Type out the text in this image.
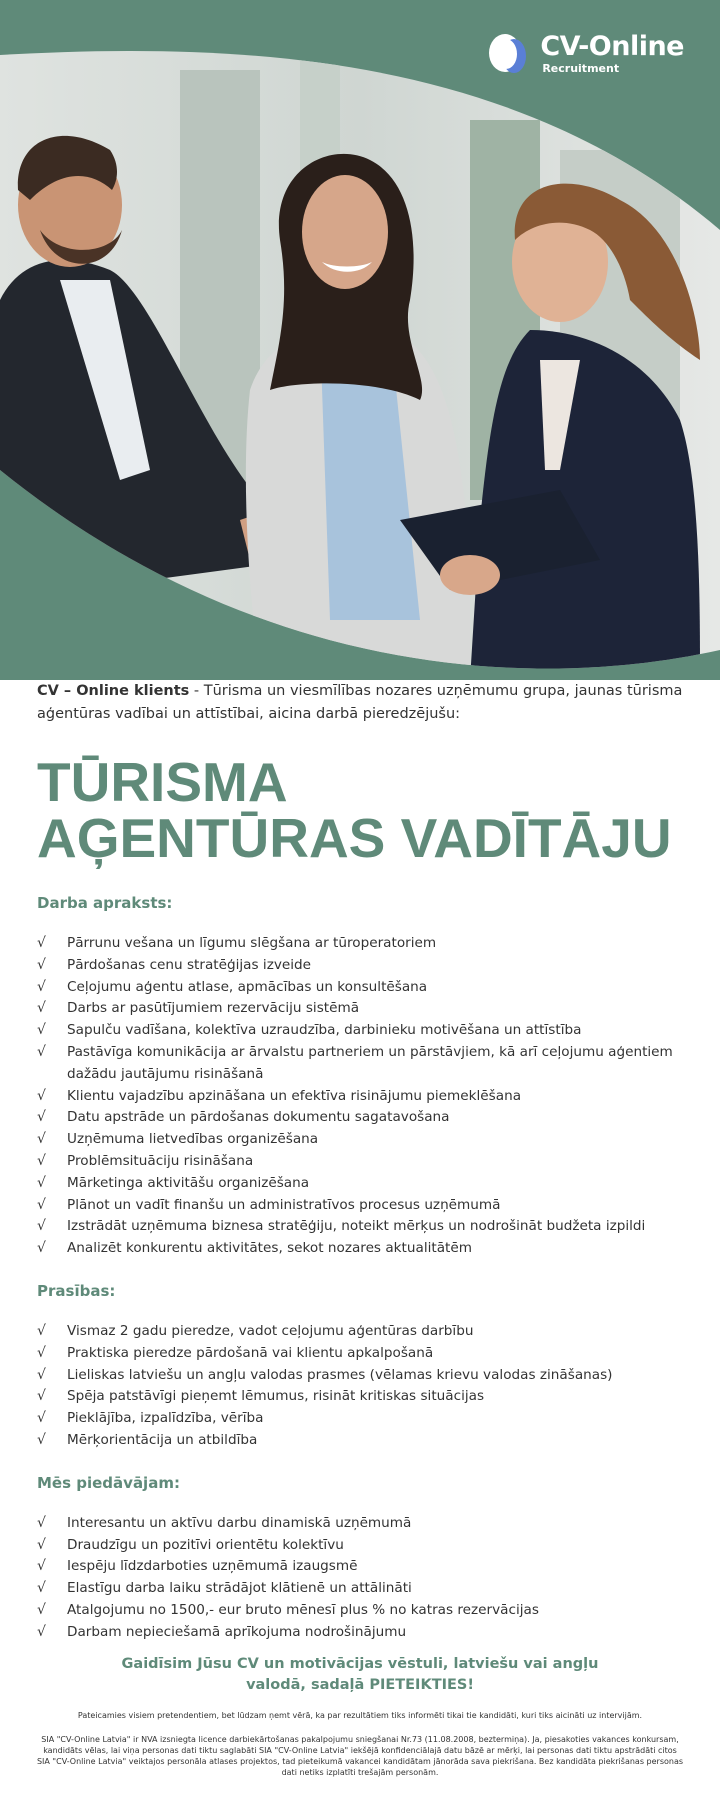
CV-Online
Recruitment

CV – Online klients - Tūrisma un viesmīlības nozares uzņēmumu grupa, jaunas tūrisma aģentūras vadībai un attīstībai, aicina darbā pieredzējušu:

TŪRISMA
AĢENTŪRAS VADĪTĀJU
Darba apraksts:
√ Pārrunu vešana un līgumu slēgšana ar tūroperatoriem
√ Pārdošanas cenu stratēģijas izveide
√ Ceļojumu aģentu atlase, apmācības un konsultēšana
√ Darbs ar pasūtījumiem rezervāciju sistēmā
√ Sapulču vadīšana, kolektīva uzraudzība, darbinieku motivēšana un attīstība
√ Pastāvīga komunikācija ar ārvalstu partneriem un pārstāvjiem, kā arī ceļojumu aģentiem dažādu jautājumu risināšanā
√ Klientu vajadzību apzināšana un efektīva risinājumu piemeklēšana
√ Datu apstrāde un pārdošanas dokumentu sagatavošana
√ Uzņēmuma lietvedības organizēšana
√ Problēmsituāciju risināšana
√ Mārketinga aktivitāšu organizēšana
√ Plānot un vadīt finanšu un administratīvos procesus uzņēmumā
√ Izstrādāt uzņēmuma biznesa stratēģiju, noteikt mērķus un nodrošināt budžeta izpildi
√ Analizēt konkurentu aktivitātes, sekot nozares aktualitātēm
Prasības:
√ Vismaz 2 gadu pieredze, vadot ceļojumu aģentūras darbību
√ Praktiska pieredze pārdošanā vai klientu apkalpošanā
√ Lieliskas latviešu un angļu valodas prasmes (vēlamas krievu valodas zināšanas)
√ Spēja patstāvīgi pieņemt lēmumus, risināt kritiskas situācijas
√ Pieklājība, izpalīdzība, vērība
√ Mērķorientācija un atbildība
Mēs piedāvājam:
√ Interesantu un aktīvu darbu dinamiskā uzņēmumā
√ Draudzīgu un pozitīvi orientētu kolektīvu
√ Iespēju līdzdarboties uzņēmumā izaugsmē
√ Elastīgu darba laiku strādājot klātienē un attālināti
√ Atalgojumu no 1500,- eur bruto mēnesī plus % no katras rezervācijas
√ Darbam nepieciešamā aprīkojuma nodrošinājumu
Gaidīsim Jūsu CV un motivācijas vēstuli, latviešu vai angļu valodā, sadaļā PIETEIKTIES!
Pateicamies visiem pretendentiem, bet lūdzam ņemt vērā, ka par rezultātiem tiks informēti tikai tie kandidāti, kuri tiks aicināti uz intervijām.
SIA "CV-Online Latvia" ir NVA izsniegta licence darbiekārtošanas pakalpojumu sniegšanai Nr.73 (11.08.2008, beztermiņa). Ja, piesakoties vakances konkursam, kandidāts vēlas, lai viņa personas dati tiktu saglabāti SIA "CV-Online Latvia" iekšējā konfidenciālajā datu bāzē ar mērķi, lai personas dati tiktu apstrādāti citos SIA "CV-Online Latvia" veiktajos personāla atlases projektos, tad pieteikumā vakancei kandidātam jānorāda sava piekrišana. Bez kandidāta piekrišanas personas dati netiks izplatīti trešajām personām.
